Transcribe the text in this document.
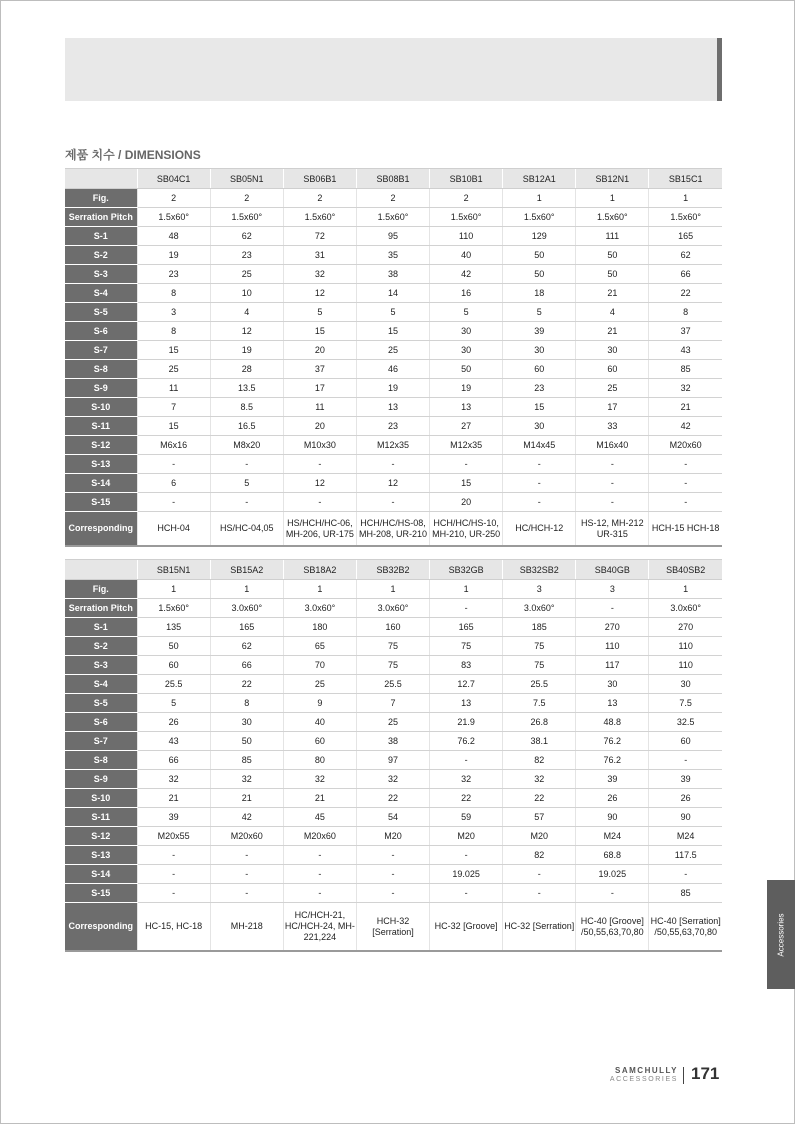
제품 치수 / DIMENSIONS
	SB04C1	SB05N1	SB06B1	SB08B1	SB10B1	SB12A1	SB12N1	SB15C1
Fig.	2	2	2	2	2	1	1	1
Serration Pitch	1.5x60°	1.5x60°	1.5x60°	1.5x60°	1.5x60°	1.5x60°	1.5x60°	1.5x60°
S-1	48	62	72	95	110	129	111	165
S-2	19	23	31	35	40	50	50	62
S-3	23	25	32	38	42	50	50	66
S-4	8	10	12	14	16	18	21	22
S-5	3	4	5	5	5	5	4	8
S-6	8	12	15	15	30	39	21	37
S-7	15	19	20	25	30	30	30	43
S-8	25	28	37	46	50	60	60	85
S-9	11	13.5	17	19	19	23	25	32
S-10	7	8.5	11	13	13	15	17	21
S-11	15	16.5	20	23	27	30	33	42
S-12	M6x16	M8x20	M10x30	M12x35	M12x35	M14x45	M16x40	M20x60
S-13	-	-	-	-	-	-	-	-
S-14	6	5	12	12	15	-	-	-
S-15	-	-	-	-	20	-	-	-
Corresponding	HCH-04	HS/HC-04,05	HS/HCH/HC-06, MH-206, UR-175	HCH/HC/HS-08, MH-208, UR-210	HCH/HC/HS-10, MH-210, UR-250	HC/HCH-12	HS-12, MH-212 UR-315	HCH-15 HCH-18
	SB15N1	SB15A2	SB18A2	SB32B2	SB32GB	SB32SB2	SB40GB	SB40SB2
Fig.	1	1	1	1	1	3	3	1
Serration Pitch	1.5x60°	3.0x60°	3.0x60°	3.0x60°	-	3.0x60°	-	3.0x60°
S-1	135	165	180	160	165	185	270	270
S-2	50	62	65	75	75	75	110	110
S-3	60	66	70	75	83	75	117	110
S-4	25.5	22	25	25.5	12.7	25.5	30	30
S-5	5	8	9	7	13	7.5	13	7.5
S-6	26	30	40	25	21.9	26.8	48.8	32.5
S-7	43	50	60	38	76.2	38.1	76.2	60
S-8	66	85	80	97	-	82	76.2	-
S-9	32	32	32	32	32	32	39	39
S-10	21	21	21	22	22	22	26	26
S-11	39	42	45	54	59	57	90	90
S-12	M20x55	M20x60	M20x60	M20	M20	M20	M24	M24
S-13	-	-	-	-	-	82	68.8	117.5
S-14	-	-	-	-	19.025	-	19.025	-
S-15	-	-	-	-	-	-	-	85
Corresponding	HC-15, HC-18	MH-218	HC/HCH-21, HC/HCH-24, MH-221,224	HCH-32 [Serration]	HC-32 [Groove]	HC-32 [Serration]	HC-40 [Groove] /50,55,63,70,80	HC-40 [Serration] /50,55,63,70,80	Accessories
SAMCHULLY
ACCESSORIES 171
